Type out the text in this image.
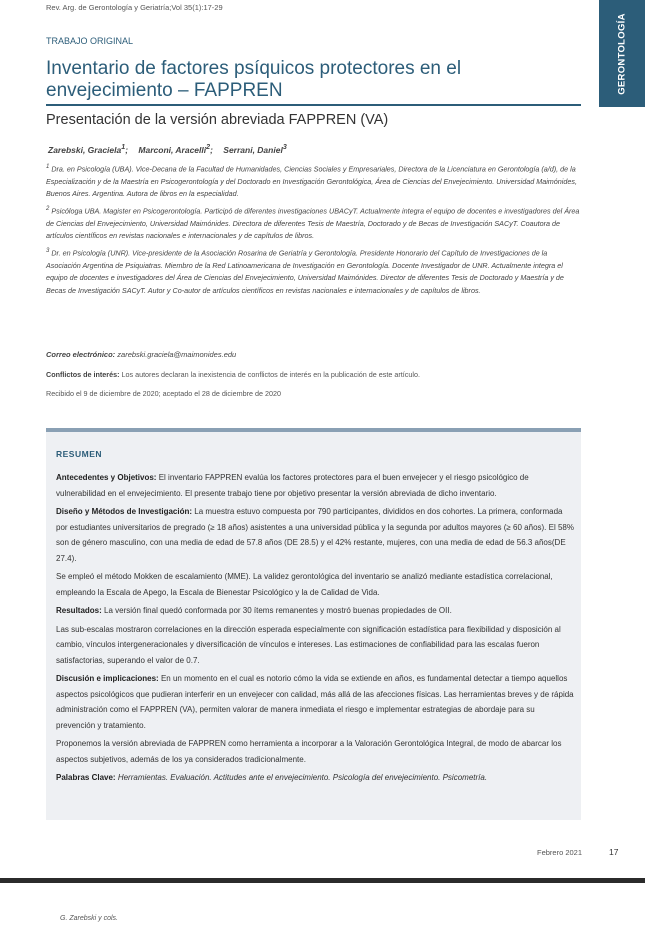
Rev. Arg. de Gerontología y Geriatría;Vol 35(1):17-29
GERONTOLOGÍA
TRABAJO ORIGINAL
Inventario de factores psíquicos protectores en el envejecimiento – FAPPREN
Presentación de la versión abreviada FAPPREN (VA)
Zarebski, Graciela$^1$; Marconi, Aracelli$^2$; Serrani, Daniel$^3$

$^1$ Dra. en Psicología (UBA). Vice-Decana de la Facultad de Humanidades, Ciencias Sociales y Empresariales, Directora de la Licenciatura en Gerontología (a/d), de la Especialización y de la Maestría en Psicogerontología y del Doctorado en Investigación Gerontológica, Área de Ciencias del Envejecimiento. Universidad Maimónides, Buenos Aires. Argentina. Autora de libros en la especialidad.

$^2$ Psicóloga UBA. Magister en Psicogerontología. Participó de diferentes investigaciones UBACyT. Actualmente integra el equipo de docentes e investigadores del Área de Ciencias del Envejecimiento, Universidad Maimónides. Directora de diferentes Tesis de Maestría, Doctorado y de Becas de Investigación SACyT. Coautora de artículos científicos en revistas nacionales e internacionales y de capítulos de libros.

$^3$ Dr. en Psicología (UNR). Vice-presidente de la Asociación Rosarina de Geriatría y Gerontología. Presidente Honorario del Capítulo de Investigaciones de la Asociación Argentina de Psiquiatras. Miembro de la Red Latinoamericana de Investigación en Gerontología. Docente Investigador de UNR. Actualmente integra el equipo de docentes e investigadores del Área de Ciencias del Envejecimiento, Universidad Maimónides. Director de diferentes Tesis de Doctorado y Maestría y de Becas de Investigación SACyT. Autor y Co-autor de artículos científicos en revistas nacionales e internacionales y de capítulos de libros.

Correo electrónico: zarebski.graciela@maimonides.edu
Conflictos de interés: Los autores declaran la inexistencia de conflictos de interés en la publicación de este artículo.
Recibido el 9 de diciembre de 2020; aceptado el 28 de diciembre de 2020
RESUMEN

Antecedentes y Objetivos: El inventario FAPPREN evalúa los factores protectores para el buen envejecer y el riesgo psicológico de vulnerabilidad en el envejecimiento. El presente trabajo tiene por objetivo presentar la versión abreviada de dicho inventario.

Diseño y Métodos de Investigación: La muestra estuvo compuesta por 790 participantes, divididos en dos cohortes. La primera, conformada por estudiantes universitarios de pregrado (≥ 18 años) asistentes a una universidad pública y la segunda por adultos mayores (≥ 60 años). El 58% son de género masculino, con una media de edad de 57.8 años (DE 28.5) y el 42% restante, mujeres, con una media de edad de 56.3 años(DE 27.4).

Se empleó el método Mokken de escalamiento (MME). La validez gerontológica del inventario se analizó mediante estadística correlacional, empleando la Escala de Apego, la Escala de Bienestar Psicológico y la de Calidad de Vida.

Resultados: La versión final quedó conformada por 30 ítems remanentes y mostró buenas propiedades de OII.

Las sub-escalas mostraron correlaciones en la dirección esperada especialmente con significación estadística para flexibilidad y disposición al cambio, vínculos intergeneracionales y diversificación de vínculos e intereses. Las estimaciones de confiabilidad para las escalas fueron satisfactorias, superando el valor de 0.7.

Discusión e implicaciones: En un momento en el cual es notorio cómo la vida se extiende en años, es fundamental detectar a tiempo aquellos aspectos psicológicos que pudieran interferir en un envejecer con calidad, más allá de las afecciones físicas. Las herramientas breves y de rápida administración como el FAPPREN (VA), permiten valorar de manera inmediata el riesgo e implementar estrategias de abordaje para su prevención y tratamiento.

Proponemos la versión abreviada de FAPPREN como herramienta a incorporar a la Valoración Gerontológica Integral, de modo de abarcar los aspectos subjetivos, además de los ya considerados tradicionalmente.

Palabras Clave: Herramientas. Evaluación. Actitudes ante el envejecimiento. Psicología del envejecimiento. Psicometría.

Febrero 2021	17
G. Zarebski y cols.
